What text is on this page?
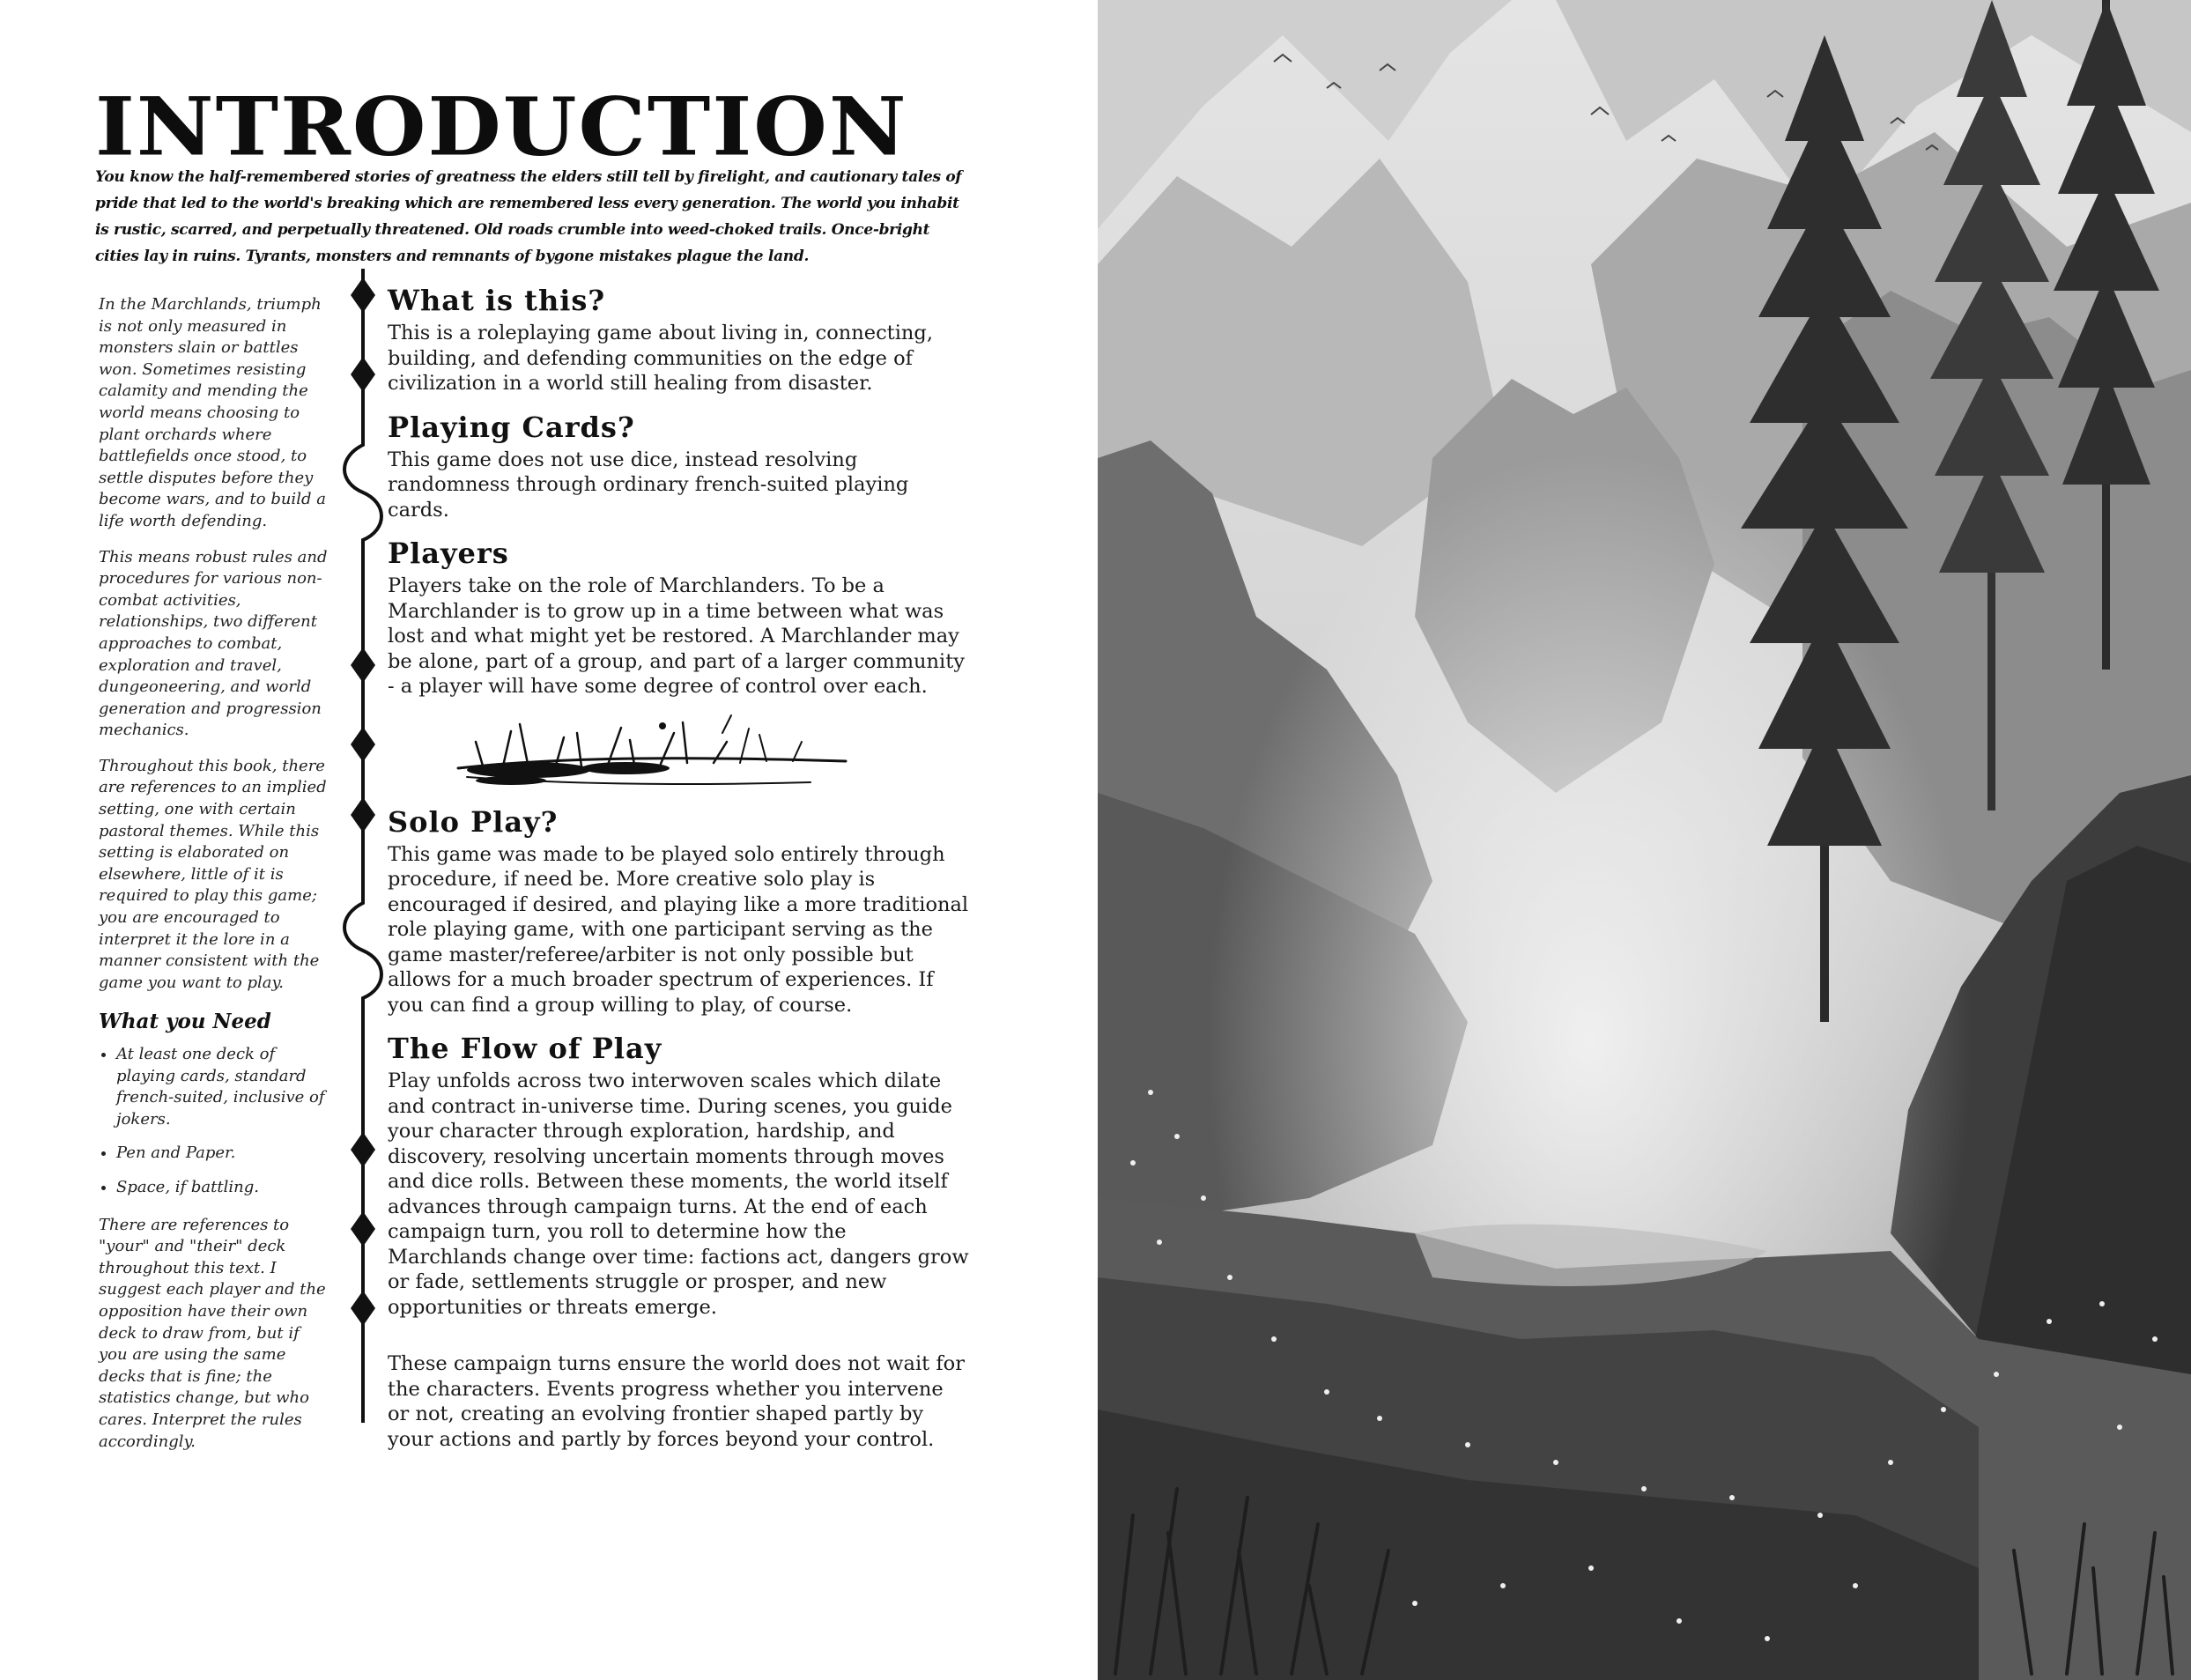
INTRODUCTION

You know the half-remembered stories of greatness the elders still tell by firelight, and cautionary tales of pride that led to the world's breaking which are remembered less every generation. The world you inhabit is rustic, scarred, and perpetually threatened. Old roads crumble into weed-choked trails. Once-bright cities lay in ruins. Tyrants, monsters and remnants of bygone mistakes plague the land.

In the Marchlands, triumph is not only measured in monsters slain or battles won. Sometimes resisting calamity and mending the world means choosing to plant orchards where battlefields once stood, to settle disputes before they become wars, and to build a life worth defending.

This means robust rules and procedures for various non-combat activities, relationships, two different approaches to combat, exploration and travel, dungeoneering, and world generation and progression mechanics.

Throughout this book, there are references to an implied setting, one with certain pastoral themes. While this setting is elaborated on elsewhere, little of it is required to play this game; you are encouraged to interpret it the lore in a manner consistent with the game you want to play.

What you Need
• At least one deck of playing cards, standard french-suited, inclusive of jokers.
• Pen and Paper.
• Space, if battling.

There are references to "your" and "their" deck throughout this text. I suggest each player and the opposition have their own deck to draw from, but if you are using the same decks that is fine; the statistics change, but who cares. Interpret the rules accordingly.

What is this?

This is a roleplaying game about living in, connecting, building, and defending communities on the edge of civilization in a world still healing from disaster.

Playing Cards?

This game does not use dice, instead resolving randomness through ordinary french-suited playing cards.

Players

Players take on the role of Marchlanders. To be a Marchlander is to grow up in a time between what was lost and what might yet be restored. A Marchlander may be alone, part of a group, and part of a larger community - a player will have some degree of control over each.

Solo Play?

This game was made to be played solo entirely through procedure, if need be. More creative solo play is encouraged if desired, and playing like a more traditional role playing game, with one participant serving as the game master/referee/arbiter is not only possible but allows for a much broader spectrum of experiences. If you can find a group willing to play, of course.

The Flow of Play

Play unfolds across two interwoven scales which dilate and contract in-universe time. During scenes, you guide your character through exploration, hardship, and discovery, resolving uncertain moments through moves and dice rolls. Between these moments, the world itself advances through campaign turns. At the end of each campaign turn, you roll to determine how the Marchlands change over time: factions act, dangers grow or fade, settlements struggle or prosper, and new opportunities or threats emerge.

These campaign turns ensure the world does not wait for the characters. Events progress whether you intervene or not, creating an evolving frontier shaped partly by your actions and partly by forces beyond your control.
